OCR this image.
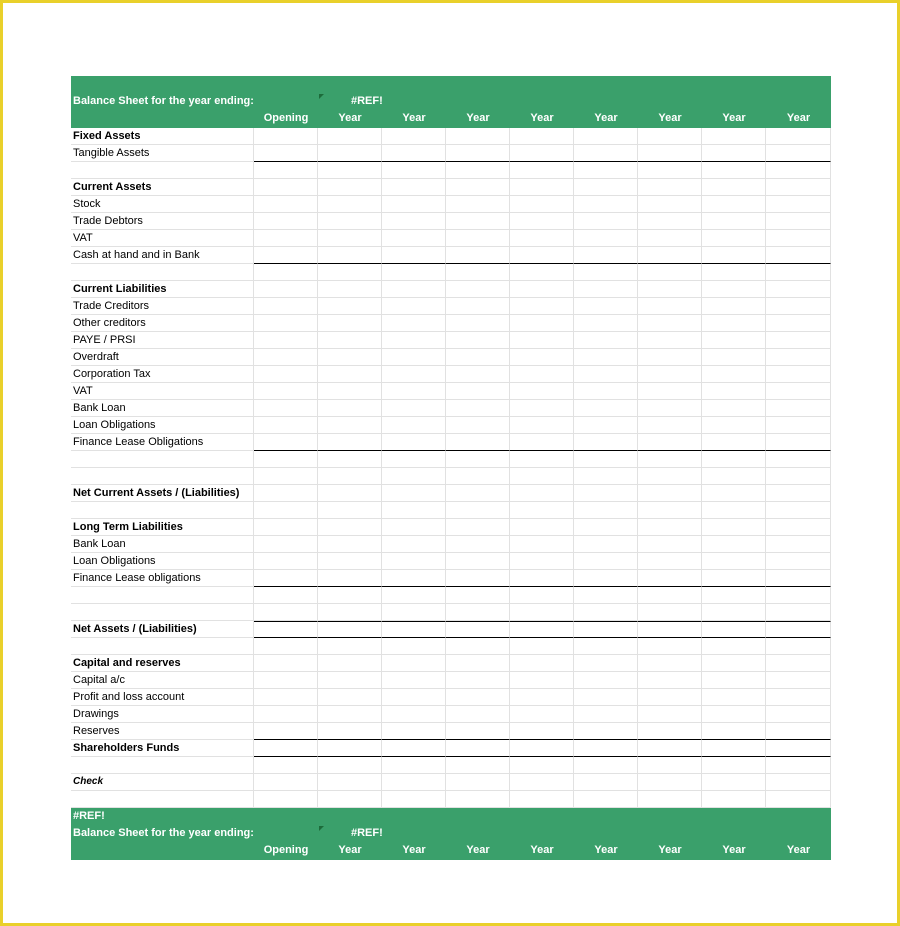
Balance Sheet for the year ending:	#REF!
Opening	Year	Year	Year	Year	Year	Year	Year	Year
Fixed Assets
Tangible Assets
Current Assets
Stock
Trade Debtors
VAT
Cash at hand and in Bank
Current Liabilities
Trade Creditors
Other creditors
PAYE / PRSI
Overdraft
Corporation Tax
VAT
Bank Loan
Loan Obligations
Finance Lease Obligations
Net Current Assets / (Liabilities)
Long Term Liabilities
Bank Loan
Loan Obligations
Finance Lease obligations
Net Assets / (Liabilities)
Capital and reserves
Capital a/c
Profit and loss account
Drawings
Reserves
Shareholders Funds
Check
#REF!
Balance Sheet for the year ending:	#REF!
Opening	Year	Year	Year	Year	Year	Year	Year	Year
